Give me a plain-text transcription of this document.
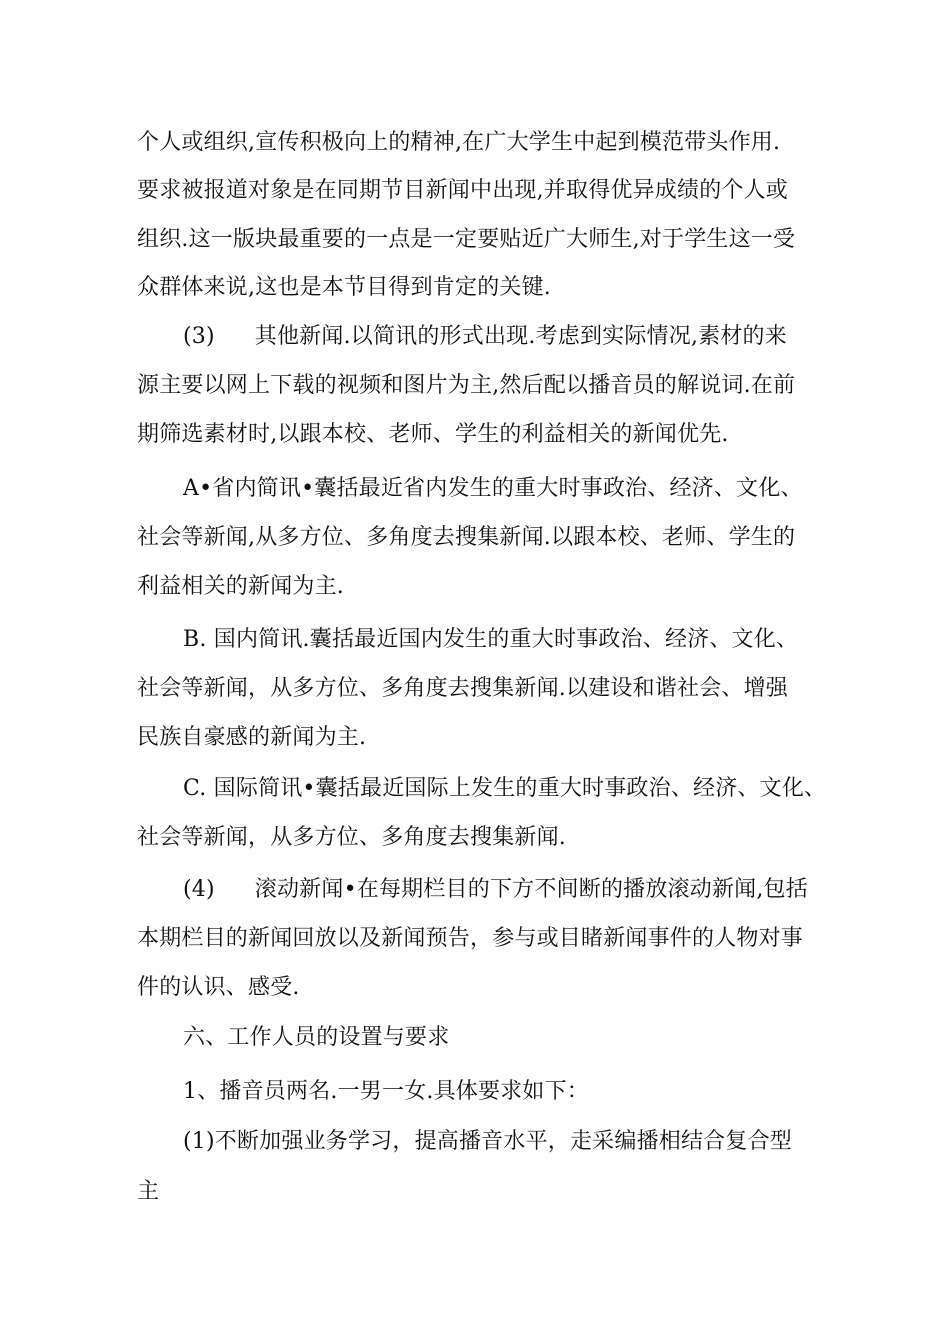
个人或组织,宣传积极向上的精神,在广大学生中起到模范带头作用.
要求被报道对象是在同期节目新闻中出现,并取得优异成绩的个人或
组织.这一版块最重要的一点是一定要贴近广大师生,对于学生这一受
众群体来说,这也是本节目得到肯定的关键.
(3) 其他新闻.以简讯的形式出现.考虑到实际情况,素材的来
源主要以网上下载的视频和图片为主,然后配以播音员的解说词.在前
期筛选素材时,以跟本校、老师、学生的利益相关的新闻优先.
A•省内简讯•囊括最近省内发生的重大时事政治、经济、文化、
社会等新闻,从多方位、多角度去搜集新闻.以跟本校、老师、学生的
利益相关的新闻为主.
B. 国内简讯.囊括最近国内发生的重大时事政治、经济、文化、
社会等新闻，从多方位、多角度去搜集新闻.以建设和谐社会、增强
民族自豪感的新闻为主.
C. 国际简讯•囊括最近国际上发生的重大时事政治、经济、文化、
社会等新闻，从多方位、多角度去搜集新闻.
(4) 滚动新闻•在每期栏目的下方不间断的播放滚动新闻,包括
本期栏目的新闻回放以及新闻预告，参与或目睹新闻事件的人物对事
件的认识、感受.
六、工作人员的设置与要求
1、播音员两名.一男一女.具体要求如下：
(1)不断加强业务学习，提高播音水平，走采编播相结合复合型
主
